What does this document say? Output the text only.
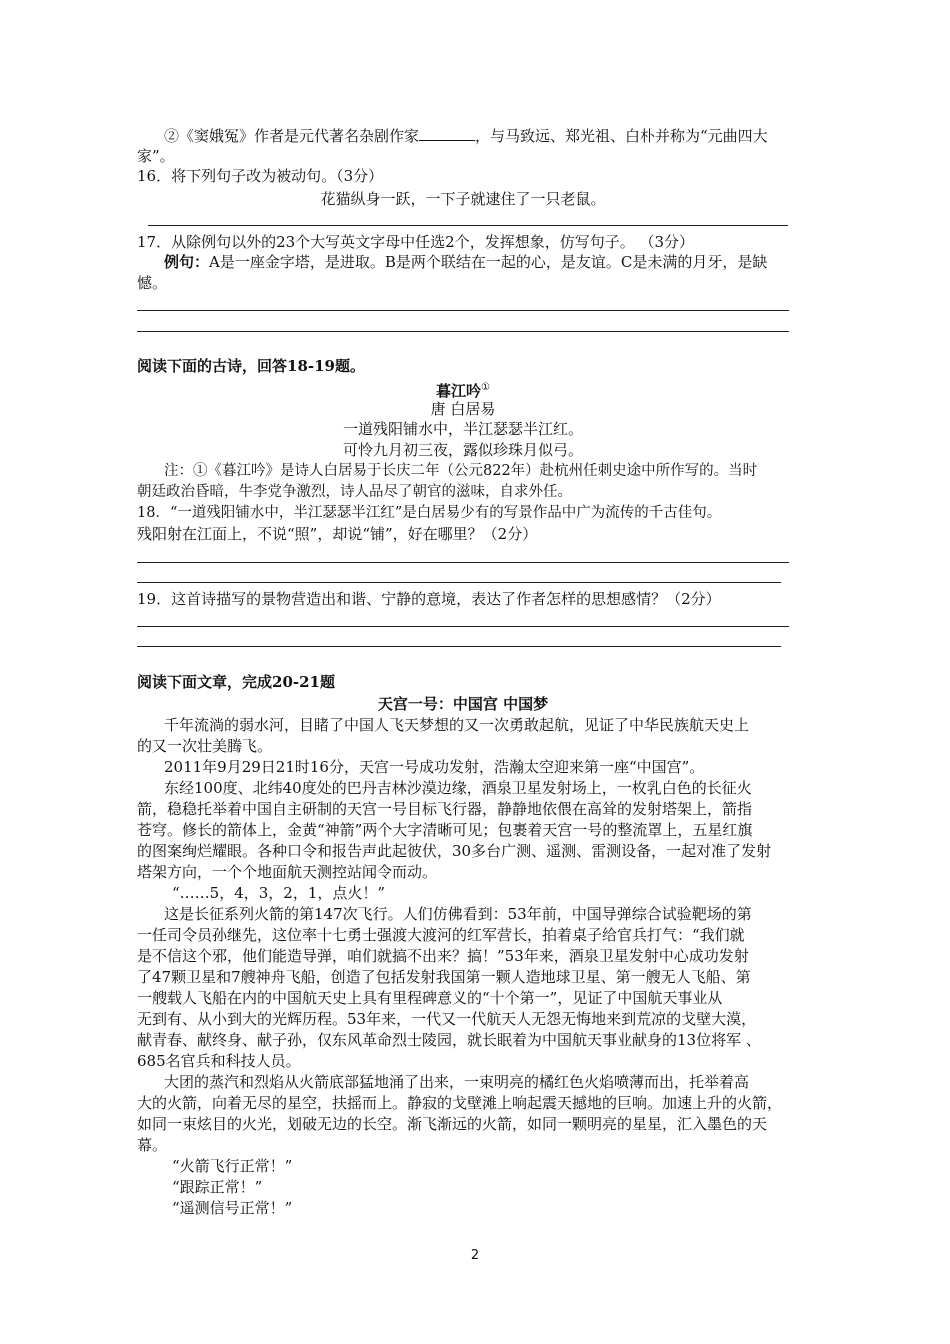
②《窦娥冤》作者是元代著名杂剧作家	，与马致远、郑光祖、白朴并称为“元曲四大
家”。
16．将下列句子改为被动句。（3分）
花猫纵身一跃，一下子就逮住了一只老鼠。
17．从除例句以外的23个大写英文字母中任选2个，发挥想象，仿写句子。 （3分）
例句：A是一座金字塔，是进取。B是两个联结在一起的心，是友谊。C是未满的月牙，是缺
憾。
阅读下面的古诗，回答18-19题。
暮江吟①
唐 白居易
一道残阳铺水中，半江瑟瑟半江红。
可怜九月初三夜，露似珍珠月似弓。
注：①《暮江吟》是诗人白居易于长庆二年（公元822年）赴杭州任刺史途中所作写的。当时
朝廷政治昏暗，牛李党争激烈，诗人品尽了朝官的滋味，自求外任。
18．“一道残阳铺水中，半江瑟瑟半江红”是白居易少有的写景作品中广为流传的千古佳句。
残阳射在江面上，不说“照”，却说“铺”，好在哪里？（2分）
19．这首诗描写的景物营造出和谐、宁静的意境，表达了作者怎样的思想感情？（2分）
阅读下面文章，完成20-21题
天宫一号：中国宫 中国梦
千年流淌的弱水河，目睹了中国人飞天梦想的又一次勇敢起航，见证了中华民族航天史上
的又一次壮美腾飞。
2011年9月29日21时16分，天宫一号成功发射，浩瀚太空迎来第一座“中国宫”。
东经100度、北纬40度处的巴丹吉林沙漠边缘，酒泉卫星发射场上，一枚乳白色的长征火
箭，稳稳托举着中国自主研制的天宫一号目标飞行器，静静地依偎在高耸的发射塔架上，箭指
苍穹。修长的箭体上，金黄“神箭”两个大字清晰可见；包裹着天宫一号的整流罩上，五星红旗
的图案绚烂耀眼。各种口令和报告声此起彼伏，30多台广测、遥测、雷测设备，一起对准了发射
塔架方向，一个个地面航天测控站闻令而动。
“……5，4，3，2，1，点火！”
这是长征系列火箭的第147次飞行。人们仿佛看到：53年前，中国导弹综合试验靶场的第
一任司令员孙继先，这位率十七勇士强渡大渡河的红军营长，拍着桌子给官兵打气：“我们就
是不信这个邪，他们能造导弹，咱们就搞不出来？搞！”53年来，酒泉卫星发射中心成功发射
了47颗卫星和7艘神舟飞船，创造了包括发射我国第一颗人造地球卫星、第一艘无人飞船、第
一艘载人飞船在内的中国航天史上具有里程碑意义的“十个第一”，见证了中国航天事业从
无到有、从小到大的光辉历程。53年来，一代又一代航天人无怨无悔地来到荒凉的戈壁大漠，
献青春、献终身、献子孙，仅东风革命烈士陵园，就长眠着为中国航天事业献身的13位将军 、
685名官兵和科技人员。
大团的蒸汽和烈焰从火箭底部猛地涌了出来，一束明亮的橘红色火焰喷薄而出，托举着高
大的火箭，向着无尽的星空，扶摇而上。静寂的戈壁滩上响起震天撼地的巨响。加速上升的火箭，
如同一束炫目的火光，划破无边的长空。渐飞渐远的火箭，如同一颗明亮的星星，汇入墨色的天
幕。
“火箭飞行正常！”
“跟踪正常！”
“遥测信号正常！”
2
